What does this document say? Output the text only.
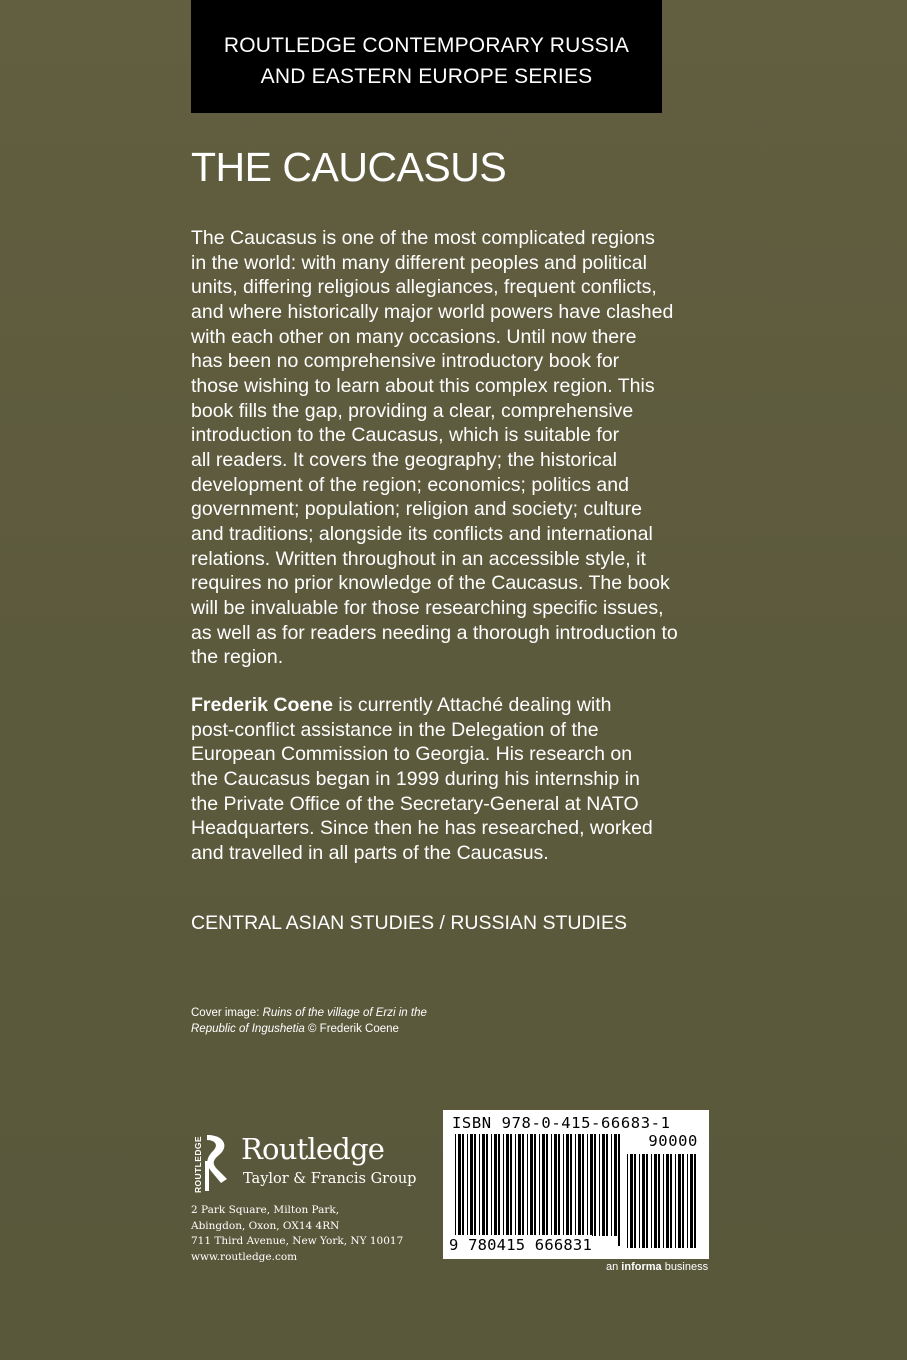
ROUTLEDGE CONTEMPORARY RUSSIA
AND EASTERN EUROPE SERIES
THE CAUCASUS
The Caucasus is one of the most complicated regions
in the world: with many different peoples and political
units, differing religious allegiances, frequent conflicts,
and where historically major world powers have clashed
with each other on many occasions. Until now there
has been no comprehensive introductory book for
those wishing to learn about this complex region. This
book fills the gap, providing a clear, comprehensive
introduction to the Caucasus, which is suitable for
all readers. It covers the geography; the historical
development of the region; economics; politics and
government; population; religion and society; culture
and traditions; alongside its conflicts and international
relations. Written throughout in an accessible style, it
requires no prior knowledge of the Caucasus. The book
will be invaluable for those researching specific issues,
as well as for readers needing a thorough introduction to
the region.
Frederik Coene is currently Attaché dealing with
post-conflict assistance in the Delegation of the
European Commission to Georgia. His research on
the Caucasus began in 1999 during his internship in
the Private Office of the Secretary-General at NATO
Headquarters. Since then he has researched, worked
and travelled in all parts of the Caucasus.
CENTRAL ASIAN STUDIES / RUSSIAN STUDIES
Cover image: Ruins of the village of Erzi in the
Republic of Ingushetia © Frederik Coene
ROUTLEDGE Routledge
Taylor & Francis Group
2 Park Square, Milton Park,
Abingdon, Oxon, OX14 4RN
711 Third Avenue, New York, NY 10017
www.routledge.com
ISBN 978-0-415-66683-1
90000
9 780415 666831
an informa business
